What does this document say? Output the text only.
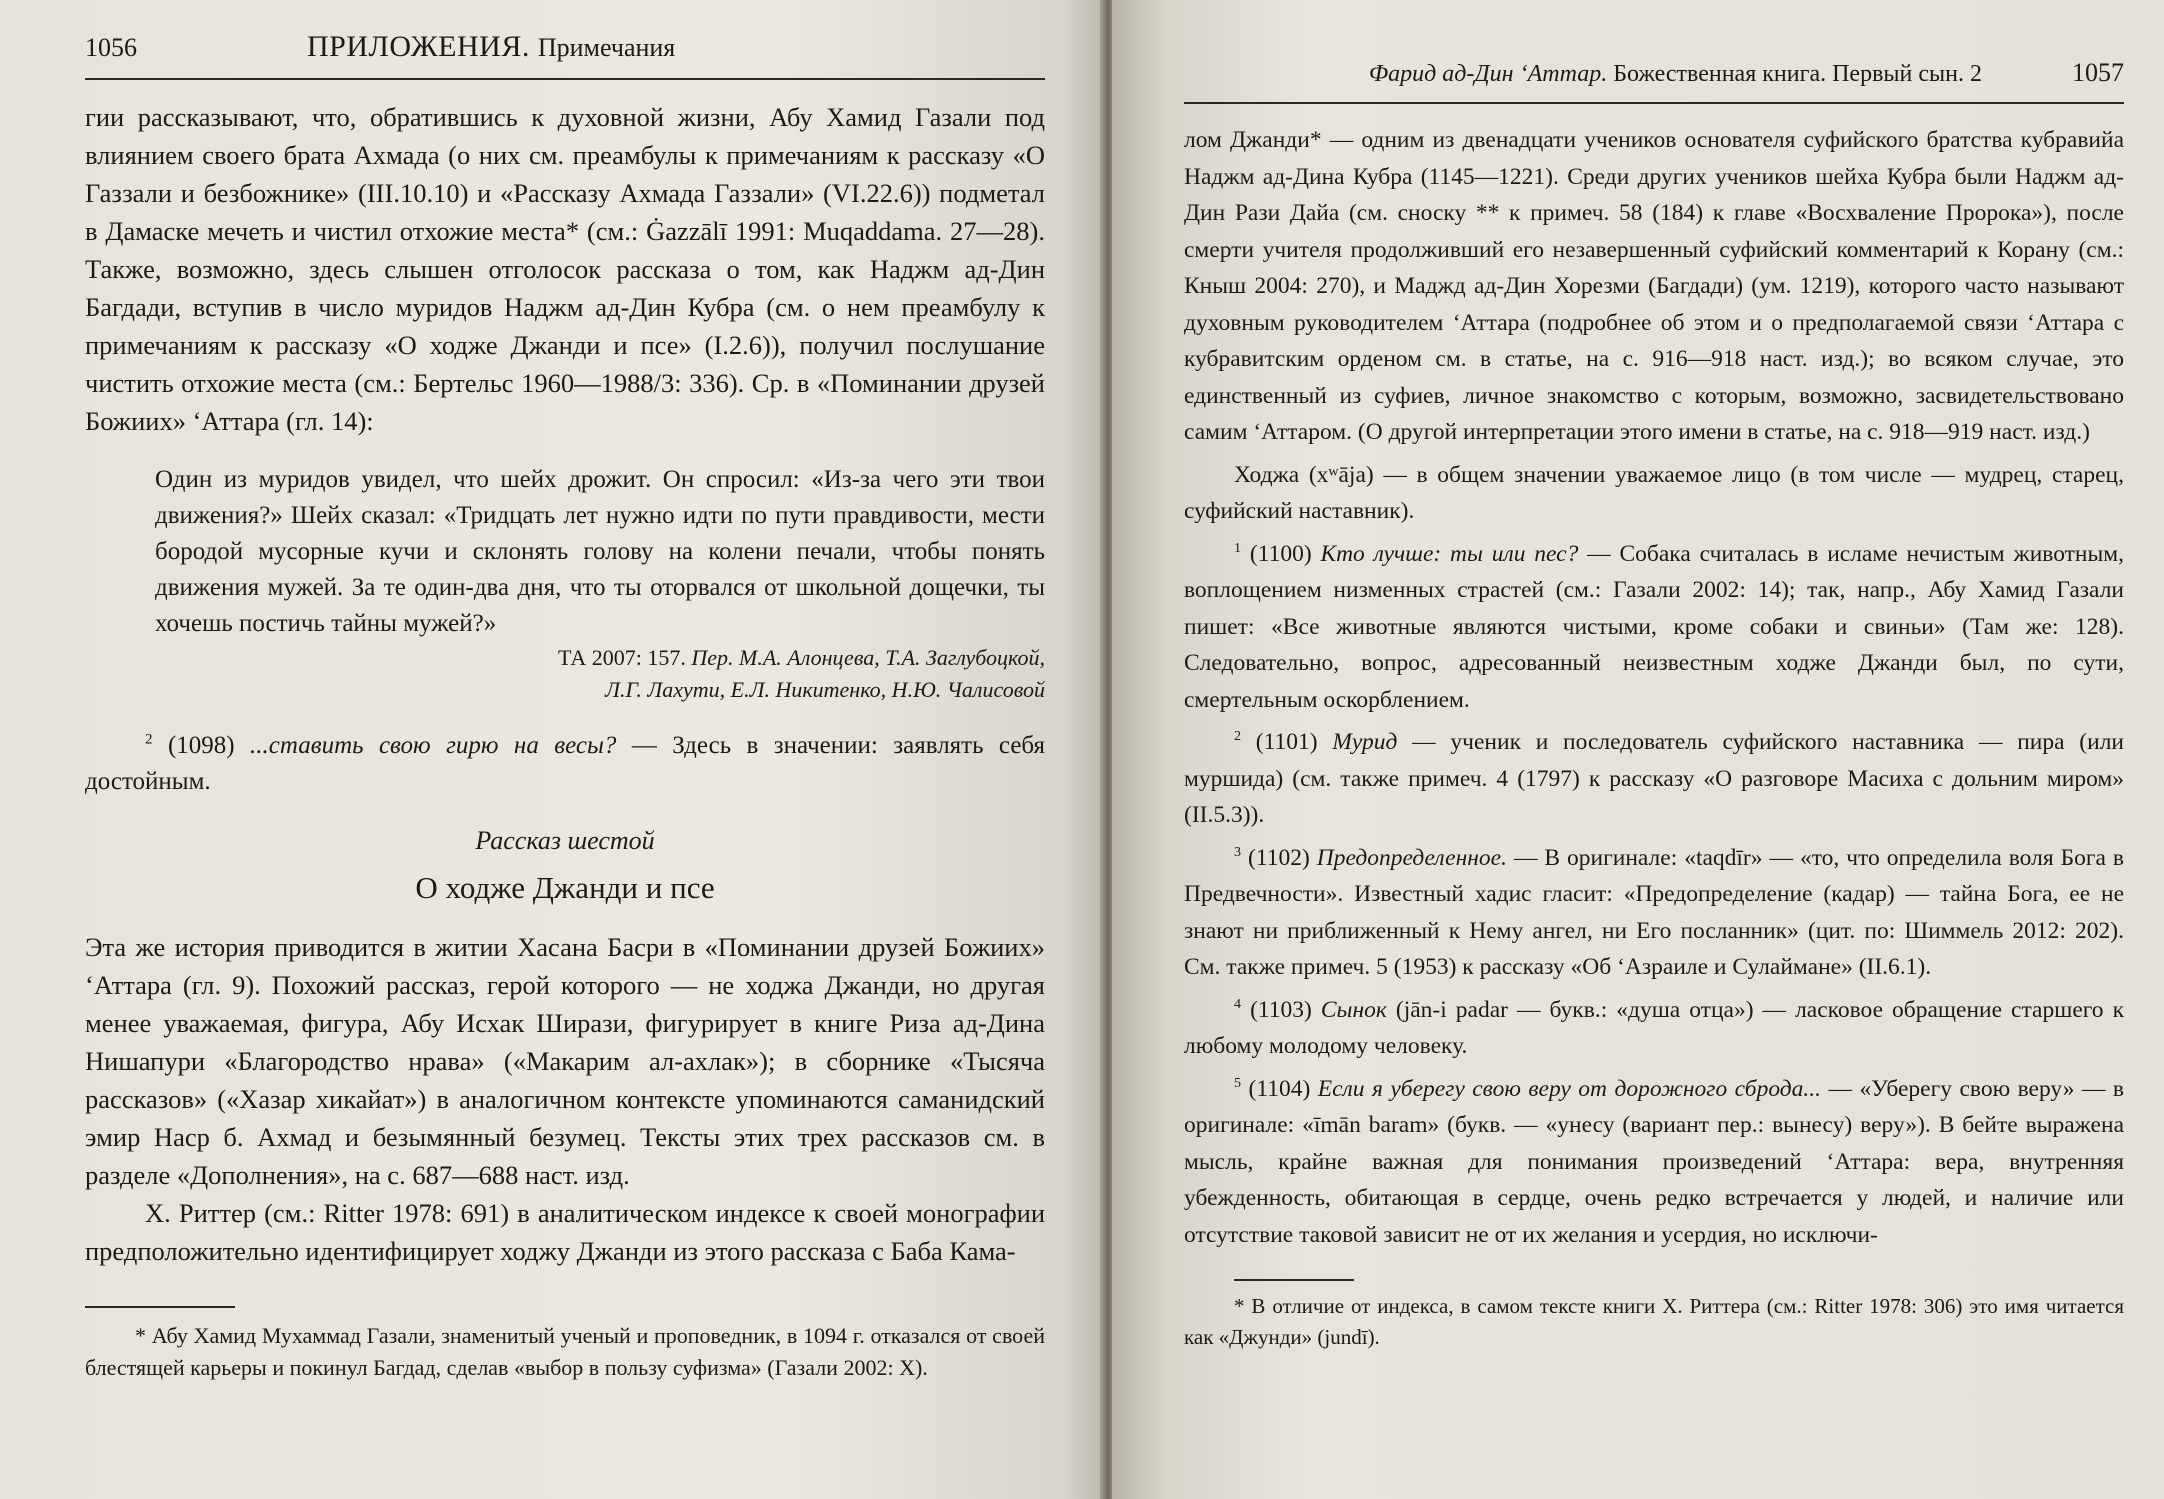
1056	ПРИЛОЖЕНИЯ. Примечания

гии рассказывают, что, обратившись к духовной жизни, Абу Хамид Газали под влиянием своего брата Ахмада (о них см. преамбулы к примечаниям к рассказу «О Газзали и безбожнике» (III.10.10) и «Рассказу Ахмада Газзали» (VI.22.6)) подметал в Дамаске мечеть и чистил отхожие места* (см.: Ġazzālī 1991: Muqaddama. 27—28). Также, возможно, здесь слышен отголосок рассказа о том, как Наджм ад-Дин Багдади, вступив в число муридов Наджм ад-Дин Кубра (см. о нем преамбулу к примечаниям к рассказу «О ходже Джанди и псе» (I.2.6)), получил послушание чистить отхожие места (см.: Бертельс 1960—1988/3: 336). Ср. в «Поминании друзей Божиих» ʻАттара (гл. 14):

Один из муридов увидел, что шейх дрожит. Он спросил: «Из-за чего эти твои движения?» Шейх сказал: «Тридцать лет нужно идти по пути правдивости, мести бородой мусорные кучи и склонять голову на колени печали, чтобы понять движения мужей. За те один-два дня, что ты оторвался от школьной дощечки, ты хочешь постичь тайны мужей?»

ТА 2007: 157. Пер. М.А. Алонцева, Т.А. Заглубоцкой,
Л.Г. Лахути, Е.Л. Никитенко, Н.Ю. Чалисовой

$^2$ (1098) ...ставить свою гирю на весы? — Здесь в значении: заявлять себя достойным.

Рассказ шестой
О ходже Джанди и псе

Эта же история приводится в житии Хасана Басри в «Поминании друзей Божиих» ʻАттара (гл. 9). Похожий рассказ, герой которого — не ходжа Джанди, но другая менее уважаемая, фигура, Абу Исхак Ширази, фигурирует в книге Риза ад-Дина Нишапури «Благородство нрава» («Макарим ал-ахлак»); в сборнике «Тысяча рассказов» («Хазар хикайат») в аналогичном контексте упоминаются саманидский эмир Наср б. Ахмад и безымянный безумец. Тексты этих трех рассказов см. в разделе «Дополнения», на с. 687—688 наст. изд.

Х. Риттер (см.: Ritter 1978: 691) в аналитическом индексе к своей монографии предположительно идентифицирует ходжу Джанди из этого рассказа с Баба Кама-

* Абу Хамид Мухаммад Газали, знаменитый ученый и проповедник, в 1094 г. отказался от своей блестящей карьеры и покинул Багдад, сделав «выбор в пользу суфизма» (Газали 2002: X).

Фарид ад-Дин ʻАттар. Божественная книга. Первый сын. 2	1057

лом Джанди* — одним из двенадцати учеников основателя суфийского братства кубравийа Наджм ад-Дина Кубра (1145—1221). Среди других учеников шейха Кубра были Наджм ад-Дин Рази Дайа (см. сноску ** к примеч. 58 (184) к главе «Восхваление Пророка»), после смерти учителя продолживший его незавершенный суфийский комментарий к Корану (см.: Кныш 2004: 270), и Маджд ад-Дин Хорезми (Багдади) (ум. 1219), которого часто называют духовным руководителем ʻАттара (подробнее об этом и о предполагаемой связи ʻАттара с кубравитским орденом см. в статье, на с. 916—918 наст. изд.); во всяком случае, это единственный из суфиев, личное знакомство с которым, возможно, засвидетельствовано самим ʻАттаром. (О другой интерпретации этого имени в статье, на с. 918—919 наст. изд.)

Ходжа (xʷāja) — в общем значении уважаемое лицо (в том числе — мудрец, старец, суфийский наставник).

$^1$ (1100) Кто лучше: ты или пес? — Собака считалась в исламе нечистым животным, воплощением низменных страстей (см.: Газали 2002: 14); так, напр., Абу Хамид Газали пишет: «Все животные являются чистыми, кроме собаки и свиньи» (Там же: 128). Следовательно, вопрос, адресованный неизвестным ходже Джанди был, по сути, смертельным оскорблением.

$^2$ (1101) Мурид — ученик и последователь суфийского наставника — пира (или муршида) (см. также примеч. 4 (1797) к рассказу «О разговоре Масиха с дольним миром» (II.5.3)).

$^3$ (1102) Предопределенное. — В оригинале: «taqdīr» — «то, что определила воля Бога в Предвечности». Известный хадис гласит: «Предопределение (кадар) — тайна Бога, ее не знают ни приближенный к Нему ангел, ни Его посланник» (цит. по: Шиммель 2012: 202). См. также примеч. 5 (1953) к рассказу «Об ʻАзраиле и Сулаймане» (II.6.1).

$^4$ (1103) Сынок (jān-i padar — букв.: «душа отца») — ласковое обращение старшего к любому молодому человеку.

$^5$ (1104) Если я уберегу свою веру от дорожного сброда... — «Уберегу свою веру» — в оригинале: «īmān baram» (букв. — «унесу (вариант пер.: вынесу) веру»). В бейте выражена мысль, крайне важная для понимания произведений ʻАттара: вера, внутренняя убежденность, обитающая в сердце, очень редко встречается у людей, и наличие или отсутствие таковой зависит не от их желания и усердия, но исключи-

* В отличие от индекса, в самом тексте книги Х. Риттера (см.: Ritter 1978: 306) это имя читается как «Джунди» (jundī).
